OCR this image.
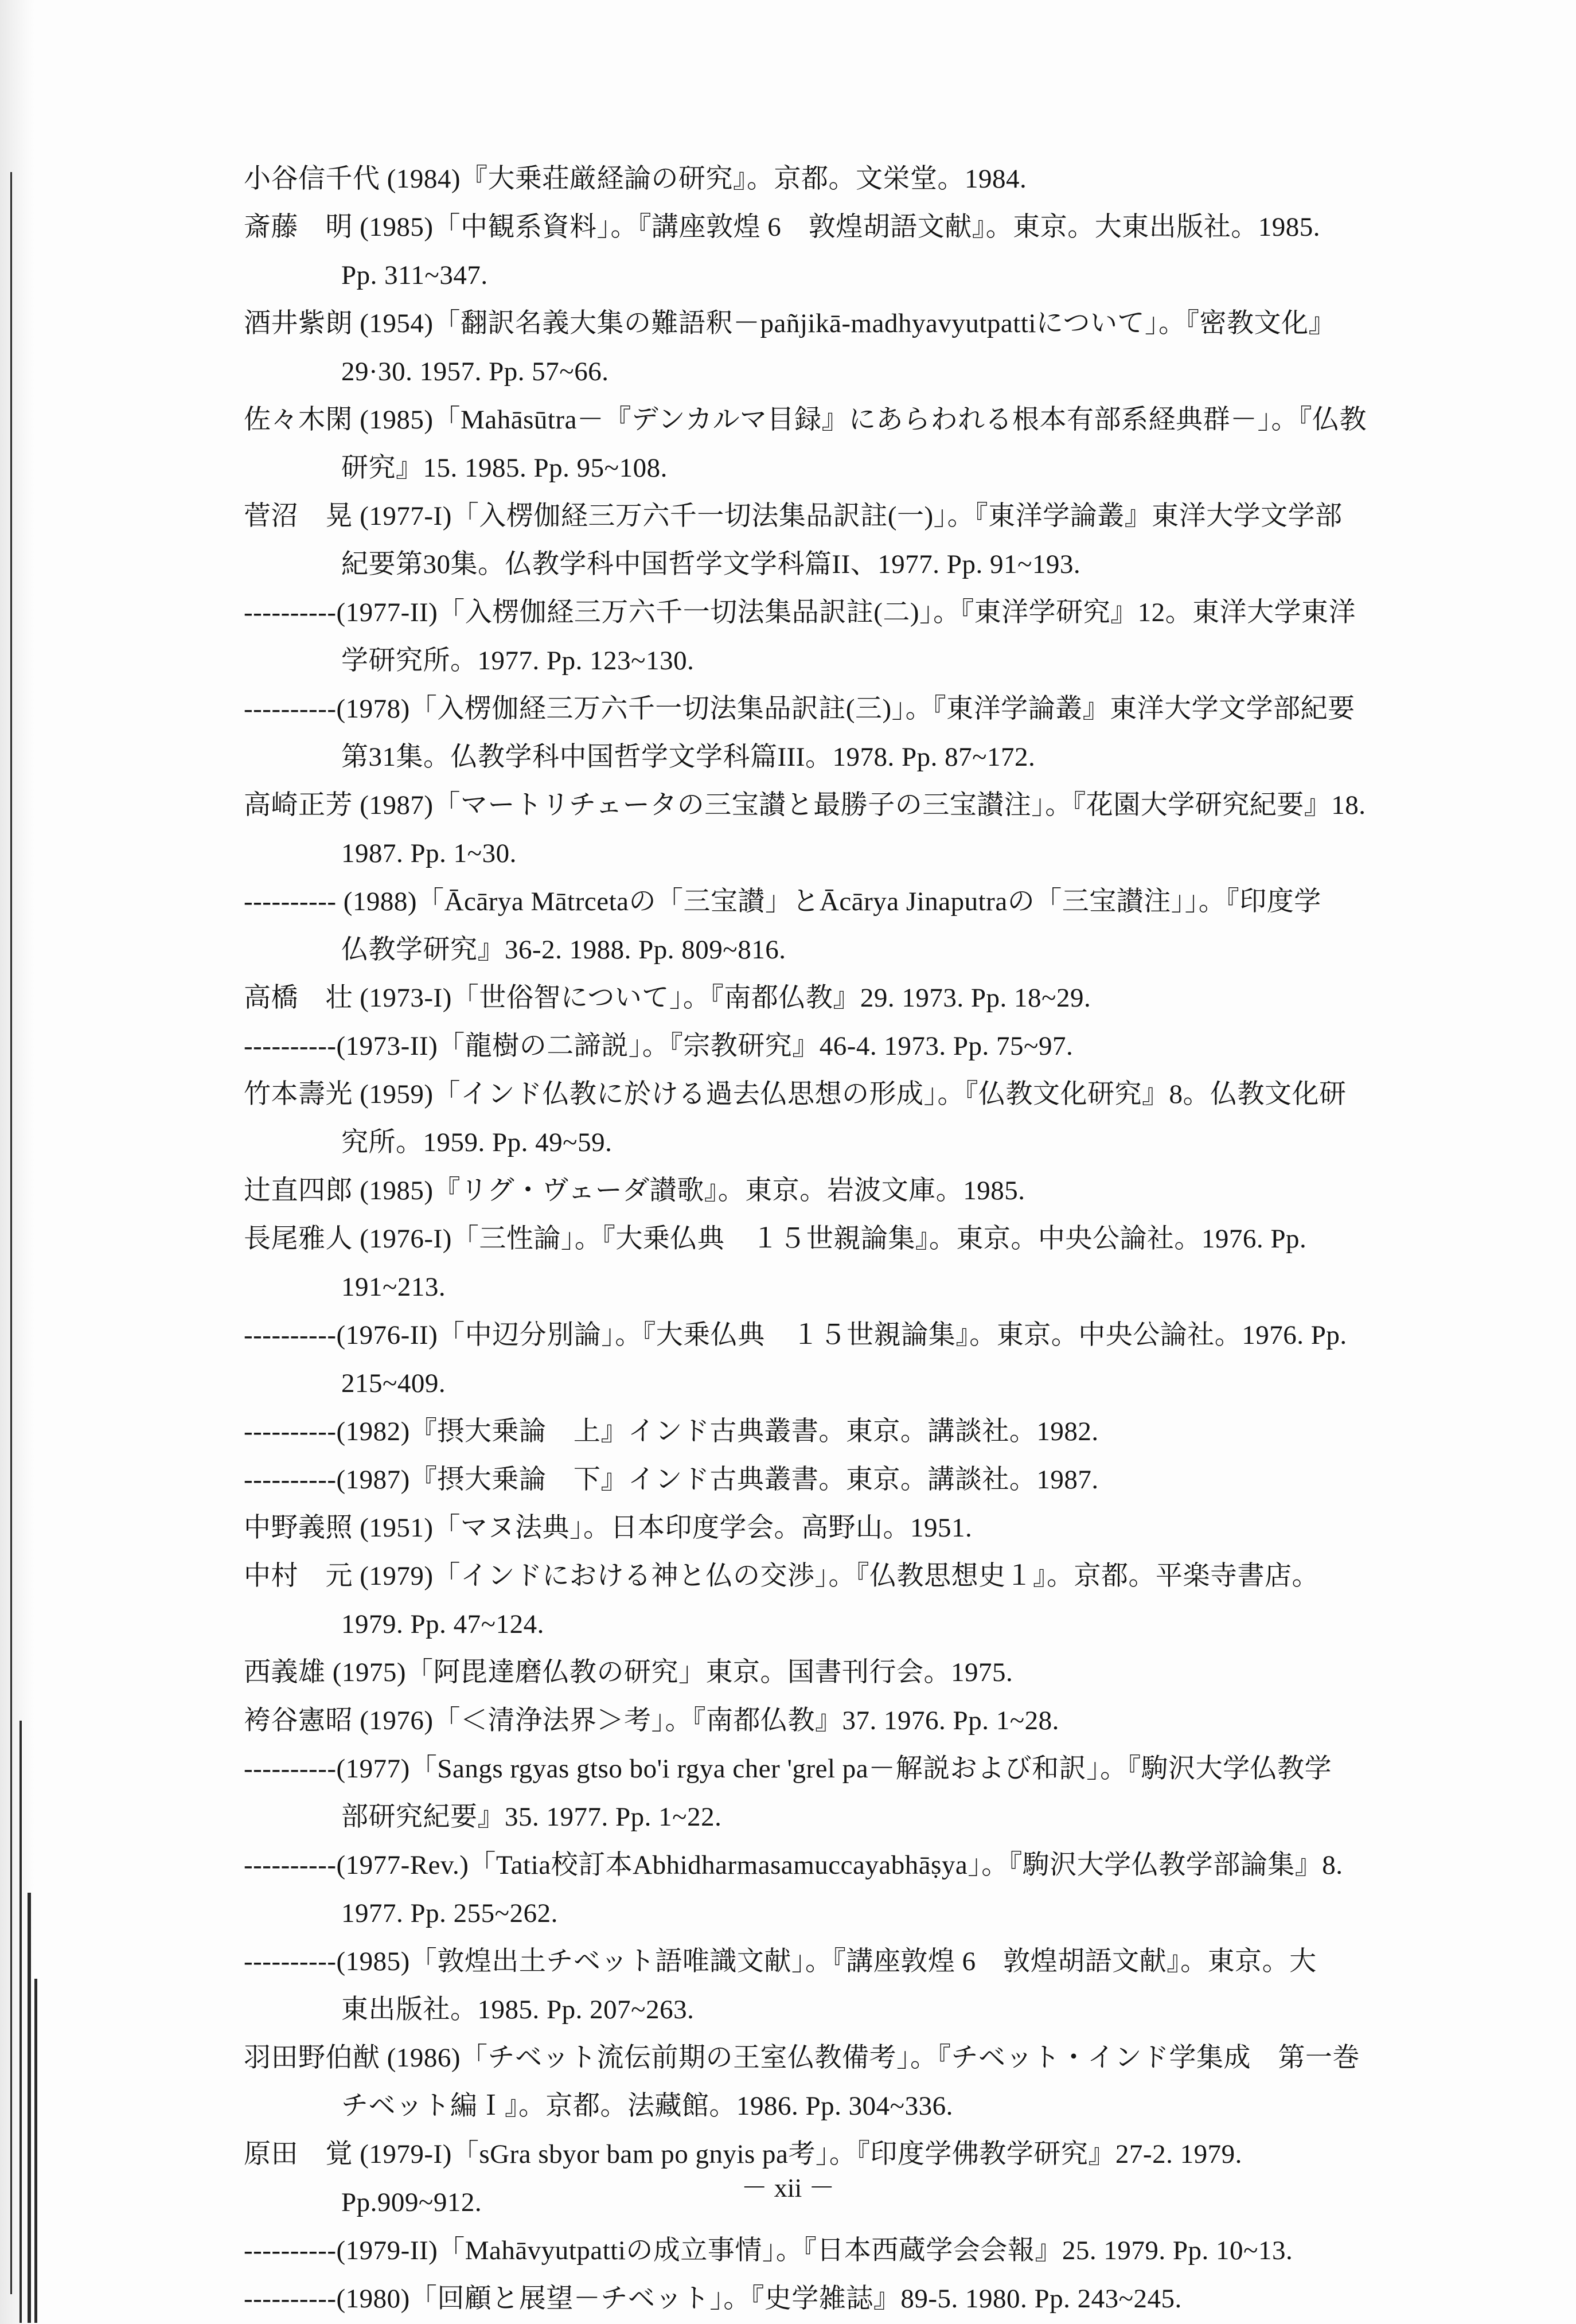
小谷信千代 (1984)『大乗荘厳経論の研究』。京都。文栄堂。1984.
斎藤　明 (1985)「中観系資料」。『講座敦煌 6　敦煌胡語文献』。東京。大東出版社。1985.
Pp. 311~347.
酒井紫朗 (1954)「翻訳名義大集の難語釈－pañjikā-madhyavyutpattiについて」。『密教文化』
29·30. 1957. Pp. 57~66.
佐々木閑 (1985)「Mahāsūtra－『デンカルマ目録』にあらわれる根本有部系経典群－」。『仏教
研究』15. 1985. Pp. 95~108.
菅沼　晃 (1977-I)「入楞伽経三万六千一切法集品訳註(一)」。『東洋学論叢』東洋大学文学部
紀要第30集。仏教学科中国哲学文学科篇II、1977. Pp. 91~193.
----------(1977-II)「入楞伽経三万六千一切法集品訳註(二)」。『東洋学研究』12。東洋大学東洋
学研究所。1977. Pp. 123~130.
----------(1978)「入楞伽経三万六千一切法集品訳註(三)」。『東洋学論叢』東洋大学文学部紀要
第31集。仏教学科中国哲学文学科篇III。1978. Pp. 87~172.
高崎正芳 (1987)「マートリチェータの三宝讃と最勝子の三宝讃注」。『花園大学研究紀要』18.
1987. Pp. 1~30.
---------- (1988)「Ācārya Mātrcetaの「三宝讃」とĀcārya Jinaputraの「三宝讃注」」。『印度学
仏教学研究』36-2. 1988. Pp. 809~816.
高橋　壮 (1973-I)「世俗智について」。『南都仏教』29. 1973. Pp. 18~29.
----------(1973-II)「龍樹の二諦説」。『宗教研究』46-4. 1973. Pp. 75~97.
竹本壽光 (1959)「インド仏教に於ける過去仏思想の形成」。『仏教文化研究』8。仏教文化研
究所。1959. Pp. 49~59.
辻直四郎 (1985)『リグ・ヴェーダ讃歌』。東京。岩波文庫。1985.
長尾雅人 (1976-I)「三性論」。『大乗仏典　１５世親論集』。東京。中央公論社。1976. Pp.
191~213.
----------(1976-II)「中辺分別論」。『大乗仏典　１５世親論集』。東京。中央公論社。1976. Pp.
215~409.
----------(1982)『摂大乗論　上』インド古典叢書。東京。講談社。1982.
----------(1987)『摂大乗論　下』インド古典叢書。東京。講談社。1987.
中野義照 (1951)「マヌ法典」。日本印度学会。高野山。1951.
中村　元 (1979)「インドにおける神と仏の交渉」。『仏教思想史１』。京都。平楽寺書店。
1979. Pp. 47~124.
西義雄 (1975)「阿毘達磨仏教の研究」東京。国書刊行会。1975.
袴谷憲昭 (1976)「＜清浄法界＞考」。『南都仏教』37. 1976. Pp. 1~28.
----------(1977)「Sangs rgyas gtso bo'i rgya cher 'grel pa－解説および和訳」。『駒沢大学仏教学
部研究紀要』35. 1977. Pp. 1~22.
----------(1977-Rev.)「Tatia校訂本Abhidharmasamuccayabhāṣya」。『駒沢大学仏教学部論集』8.
1977. Pp. 255~262.
----------(1985)「敦煌出土チベット語唯識文献」。『講座敦煌 6　敦煌胡語文献』。東京。大
東出版社。1985. Pp. 207~263.
羽田野伯猷 (1986)「チベット流伝前期の王室仏教備考」。『チベット・インド学集成　第一巻
チベット編Ｉ』。京都。法藏館。1986. Pp. 304~336.
原田　覚 (1979-I)「sGra sbyor bam po gnyis pa考」。『印度学佛教学研究』27-2. 1979.
Pp.909~912.
----------(1979-II)「Mahāvyutpattiの成立事情」。『日本西蔵学会会報』25. 1979. Pp. 10~13.
----------(1980)「回顧と展望－チベット」。『史学雑誌』89-5. 1980. Pp. 243~245.
－ xii －
